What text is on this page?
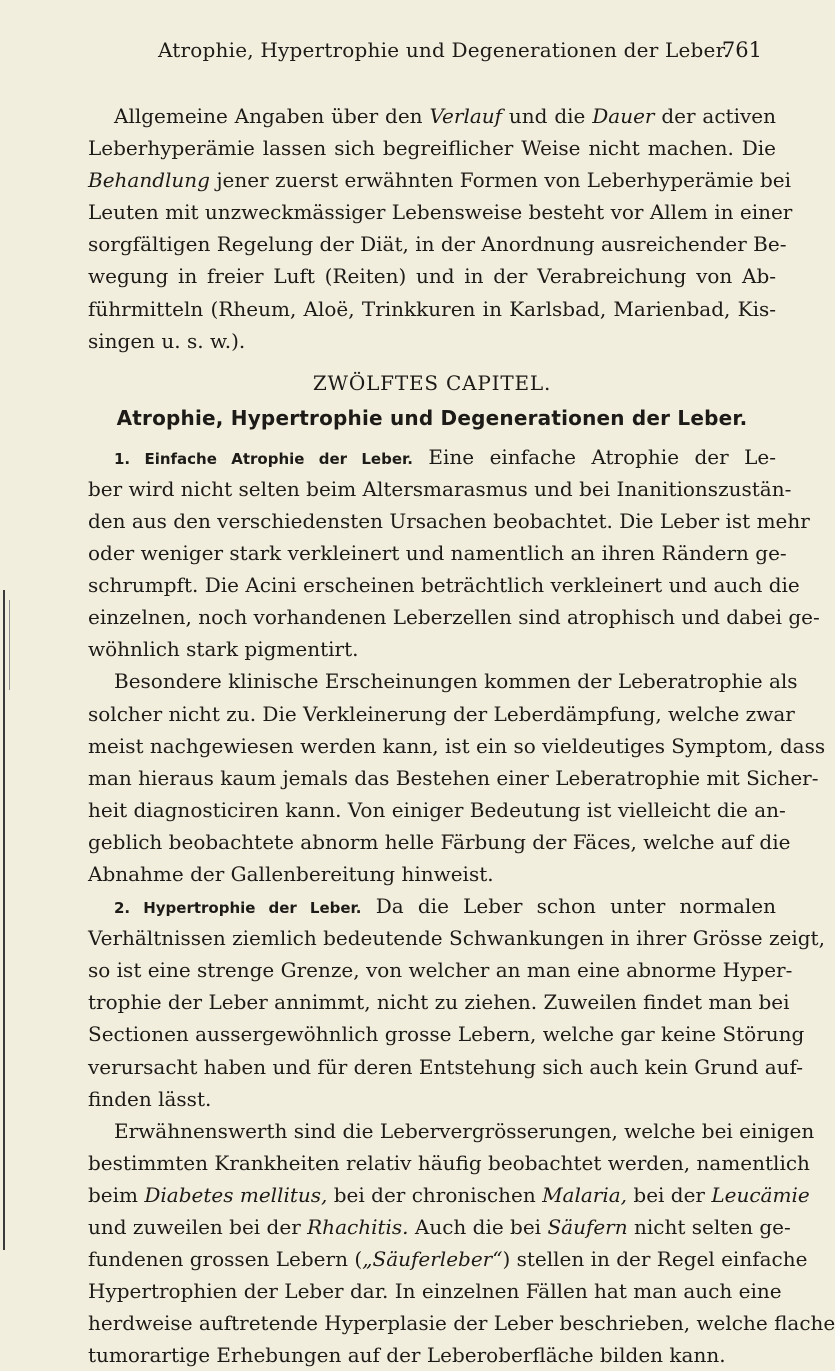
Atrophie, Hypertrophie und Degenerationen der Leber.
761
Allgemeine Angaben über den Verlauf und die Dauer der activen
Leberhyperämie lassen sich begreiflicher Weise nicht machen. Die
Behandlung jener zuerst erwähnten Formen von Leberhyperämie bei
Leuten mit unzweckmässiger Lebensweise besteht vor Allem in einer
sorgfältigen Regelung der Diät, in der Anordnung ausreichender Be-
wegung in freier Luft (Reiten) und in der Verabreichung von Ab-
führmitteln (Rheum, Aloë, Trinkkuren in Karlsbad, Marienbad, Kis-
singen u. s. w.).
ZWÖLFTES CAPITEL.
Atrophie, Hypertrophie und Degenerationen der Leber.
1. Einfache Atrophie der Leber. Eine einfache Atrophie der Le-
ber wird nicht selten beim Altersmarasmus und bei Inanitionszustän-
den aus den verschiedensten Ursachen beobachtet. Die Leber ist mehr
oder weniger stark verkleinert und namentlich an ihren Rändern ge-
schrumpft. Die Acini erscheinen beträchtlich verkleinert und auch die
einzelnen, noch vorhandenen Leberzellen sind atrophisch und dabei ge-
wöhnlich stark pigmentirt.
Besondere klinische Erscheinungen kommen der Leberatrophie als
solcher nicht zu. Die Verkleinerung der Leberdämpfung, welche zwar
meist nachgewiesen werden kann, ist ein so vieldeutiges Symptom, dass
man hieraus kaum jemals das Bestehen einer Leberatrophie mit Sicher-
heit diagnosticiren kann. Von einiger Bedeutung ist vielleicht die an-
geblich beobachtete abnorm helle Färbung der Fäces, welche auf die
Abnahme der Gallenbereitung hinweist.
2. Hypertrophie der Leber. Da die Leber schon unter normalen
Verhältnissen ziemlich bedeutende Schwankungen in ihrer Grösse zeigt,
so ist eine strenge Grenze, von welcher an man eine abnorme Hyper-
trophie der Leber annimmt, nicht zu ziehen. Zuweilen findet man bei
Sectionen aussergewöhnlich grosse Lebern, welche gar keine Störung
verursacht haben und für deren Entstehung sich auch kein Grund auf-
finden lässt.
Erwähnenswerth sind die Lebervergrösserungen, welche bei einigen
bestimmten Krankheiten relativ häufig beobachtet werden, namentlich
beim Diabetes mellitus, bei der chronischen Malaria, bei der Leucämie
und zuweilen bei der Rhachitis. Auch die bei Säufern nicht selten ge-
fundenen grossen Lebern („Säuferleber“) stellen in der Regel einfache
Hypertrophien der Leber dar. In einzelnen Fällen hat man auch eine
herdweise auftretende Hyperplasie der Leber beschrieben, welche flache
tumorartige Erhebungen auf der Leberoberfläche bilden kann.
